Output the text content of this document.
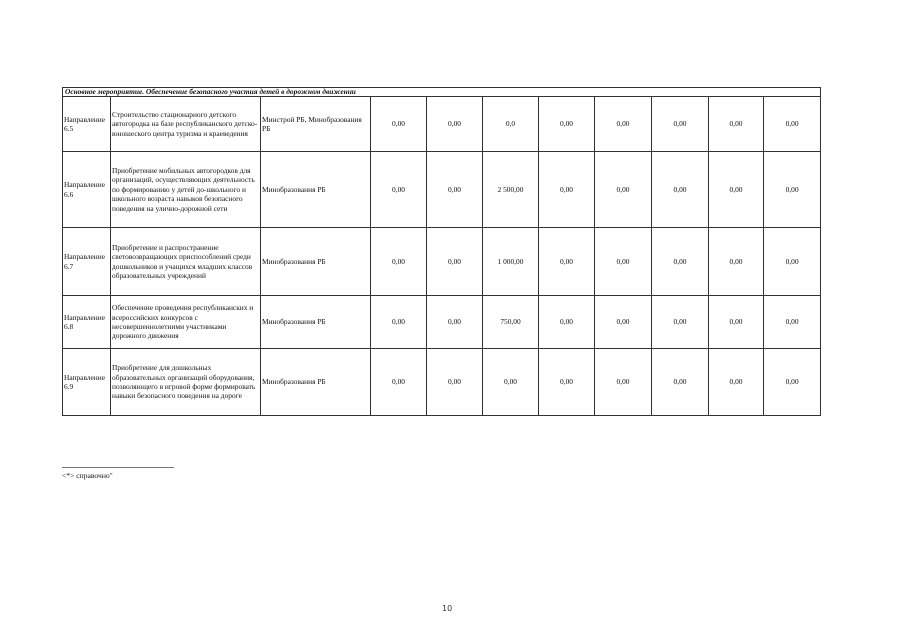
Основное мероприятие. Обеспечение безопасного участия детей в дорожном движении										
Направление 6.5	Строительство стационарного детского автогородка на базе республиканского детско-юношеского центра туризма и краеведения	Минстрой РБ, Минобразования РБ	0,00	0,00	0,0	0,00	0,00	0,00	0,00	0,00
Направление 6.6	Приобретение мобильных автогородков для организаций, осуществляющих деятельность по формированию у детей до-школьного и школьного возраста навыков безопасного поведения на улично-дорожной сети	Минобразования РБ	0,00	0,00	2 500,00	0,00	0,00	0,00	0,00	0,00
Направление 6.7	Приобретение и распространение световозвращающих приспособлений среди дошкольников и учащихся младших классов образовательных учреждений	Минобразования РБ	0,00	0,00	1 000,00	0,00	0,00	0,00	0,00	0,00
Направление 6.8	Обеспечение проведения республиканских и всероссийских конкурсов с несовершеннолетними участниками дорожного движения	Минобразования РБ	0,00	0,00	750,00	0,00	0,00	0,00	0,00	0,00
Направление 6.9	Приобретение для дошкольных образовательных организаций оборудования, позволяющего в игровой форме формировать навыки безопасного поведения на дороге	Минобразования РБ	0,00	0,00	0,00	0,00	0,00	0,00	0,00	0,00
<*> справочно"
10
